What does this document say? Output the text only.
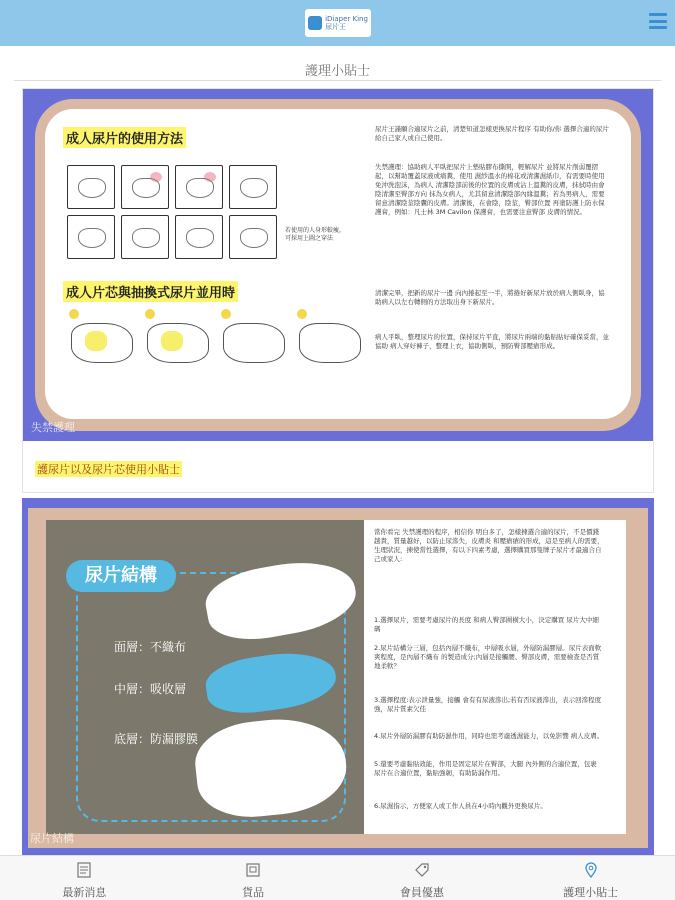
iDiaper King
尿片王
護理小貼士
成人尿片的使用方法
若使用的人身形較瘦，
可採用上圖之穿法
成人片芯與抽換式尿片並用時
尿片王謹願合適尿片之前，清楚知道怎樣更換尿片程序 有助你/你 選擇合適的尿片 給自己家人或自己使用。
失禁護理：協助病人平臥把尿片上墊貼膠布撕開，輕解尿片 並將尿片削弱覆摺起，以幫助覆蓋尿液或痛糞，使用 濕紗溫水的棉花或清潔濕紙巾，有需要時使用免沖洗泡沫，為病人 清潔陰部前後的位置的皮膚或沾上溫糞的皮膚，抹拭時由會陰清潔至臀部方向 抹為女病人，尤其留意清潔陰部內緣溫糞；若為男病人，需要留意清潔陰莖陰囊的皮膚。清潔後，在會陰，陰莖，臀部位置 再塗防護上防水保護膏，例如：凡士林 3M Cavilon 保護膏，也需要注意臀部 皮膚的情況。
清潔完畢，把新的尿片一邊 向內捲起至一半，將捲好新尿片放於病人側臥身，協助病人以左右轉側的方法取出身下新尿片。
病人平臥，整理尿片的位置，保持尿片平直，將尿片兩端的黏貼貼好確保妥當，並協助 病人穿好褲子，整理上衣，協助側臥，預防臀部壓瘡形成。
失禁護理
護尿片以及尿片芯使用小貼士
尿片結構
面層：不織布
中層：吸收層
底層：防漏膠膜
當你看完 失禁護理的程序，相信你 明白多了，怎樣揀選合適的尿片，不是價錢越貴，質量越好，以防止尿滲失，皮膚炎 和壓瘡瘡的形成，這是至病人的需要，生理狀況，揀使當性選擇，有以下四素考慮，選擇購買那隻牌子尿片才最適合自己或家人:
1.選擇尿片，需要考慮尿片的長度 和病人臀部圍橫大小，決定購買 尿片大中細碼
2.尿片結構分三層，包括內層不織布，中層吸水層，外層防漏膠層。尿片表面軟爽程度，是內層不織布 的製造成分;內層是接觸腰、臀部皮膚，需要檢查是否質地柔軟？
3.選擇程度:表示泄量強，接觸 會有有尿液滲出;若有否尿液滲出，表示回滲程度強，尿片質素欠佳
4.尿片外層防漏膠有助防濕作用，同時也需考慮透濕能力，以免影響 病人皮膚。
5.還要考慮黏貼效能，作用是固定尿片在臀部，大腿 內外側的合適位置，包裹 尿片在合適位置，黏貼強韌，有助防漏作用。
6.尿濕指示，方便家人或工作人員在4小時內觀外更換尿片。
尿片結構
最新消息	貨品	會員優惠	護理小貼士
